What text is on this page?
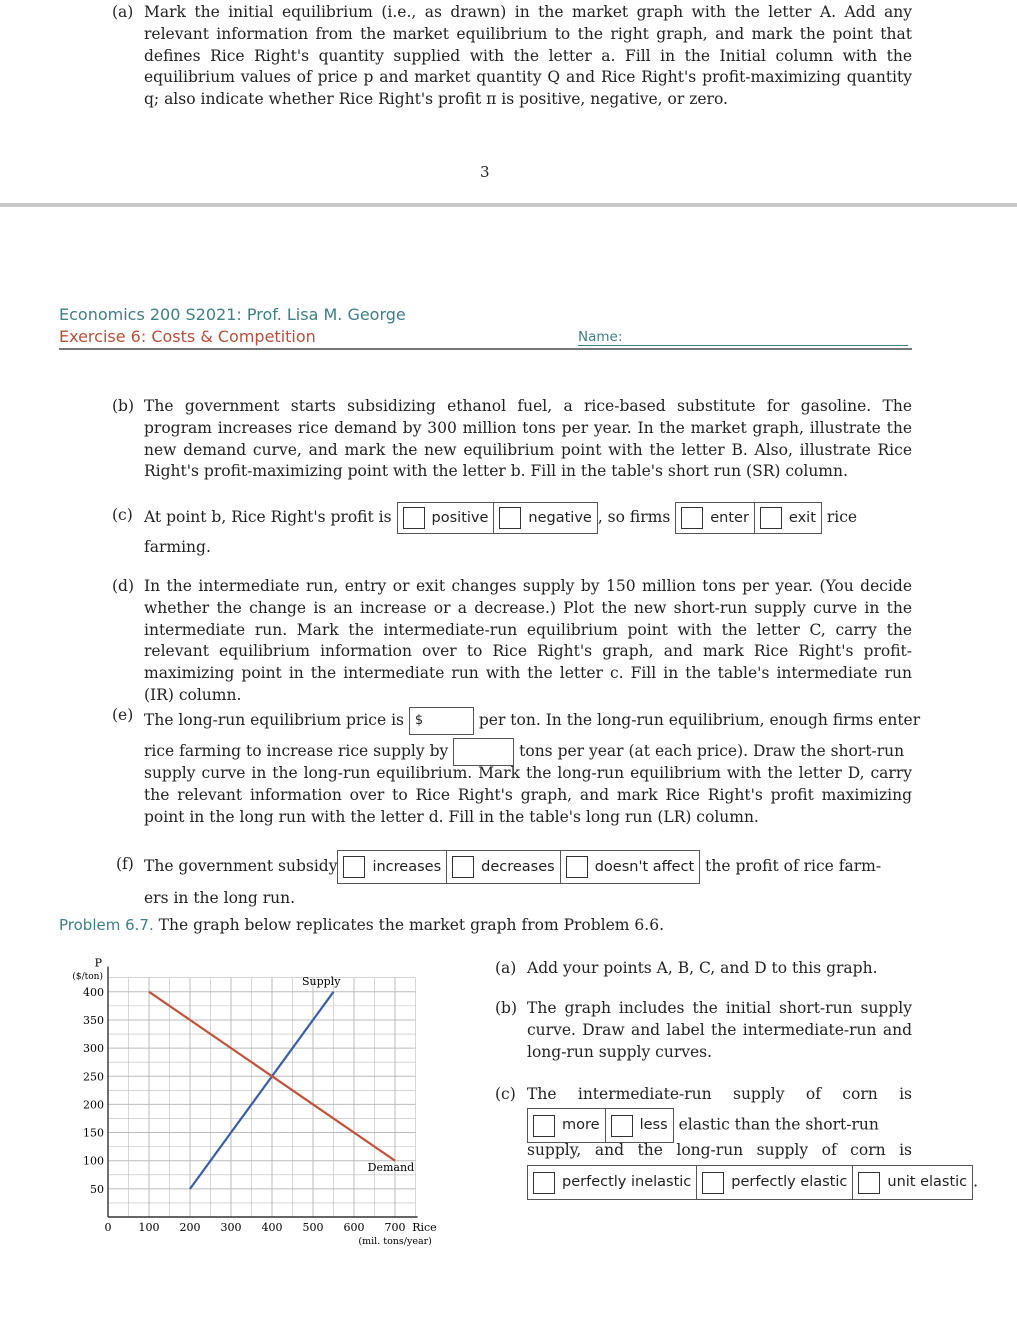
(a) Mark the initial equilibrium (i.e., as drawn) in the market graph with the letter A. Add any relevant information from the market equilibrium to the right graph, and mark the point that defines Rice Right's quantity supplied with the letter a. Fill in the Initial column with the equilibrium values of price p and market quantity Q and Rice Right's profit-maximizing quantity q; also indicate whether Rice Right's profit π is positive, negative, or zero.
3
Economics 200 S2021: Prof. Lisa M. George
Exercise 6: Costs & Competition	Name:
(b) The government starts subsidizing ethanol fuel, a rice-based substitute for gasoline. The program increases rice demand by 300 million tons per year. In the market graph, illustrate the new demand curve, and mark the new equilibrium point with the letter B. Also, illustrate Rice Right's profit-maximizing point with the letter b. Fill in the table's short run (SR) column.
(c) At point b, Rice Right's profit is	positive	negative , so firms	enter	exit rice
farming.
(d) In the intermediate run, entry or exit changes supply by 150 million tons per year. (You decide whether the change is an increase or a decrease.) Plot the new short-run supply curve in the intermediate run. Mark the intermediate-run equilibrium point with the letter C, carry the relevant equilibrium information over to Rice Right's graph, and mark Rice Right's profit-maximizing point in the intermediate run with the letter c. Fill in the table's intermediate run (IR) column.
(e) The long-run equilibrium price is $	per ton. In the long-run equilibrium, enough firms enter
rice farming to increase rice supply by	tons per year (at each price). Draw the short-run
supply curve in the long-run equilibrium. Mark the long-run equilibrium with the letter D, carry the relevant information over to Rice Right's graph, and mark Rice Right's profit maximizing point in the long run with the letter d. Fill in the table's long run (LR) column.
(f) The government subsidy increases	decreases	doesn't affect the profit of rice farm-
ers in the long run.
Problem 6.7. The graph below replicates the market graph from Problem 6.6.
0 100 200 300 400 500 600 700
50
100
150
200
250
300
350
400
P
($/ton)
Rice
(mil. tons/year)
Supply
Demand
(a) Add your points A, B, C, and D to this graph.
(b) The graph includes the initial short-run supply curve. Draw and label the intermediate-run and long-run supply curves.
(c) The intermediate-run supply of corn is
more	less elastic than the short-run
supply, and the long-run supply of corn is
perfectly inelastic	perfectly elastic	unit elastic .
